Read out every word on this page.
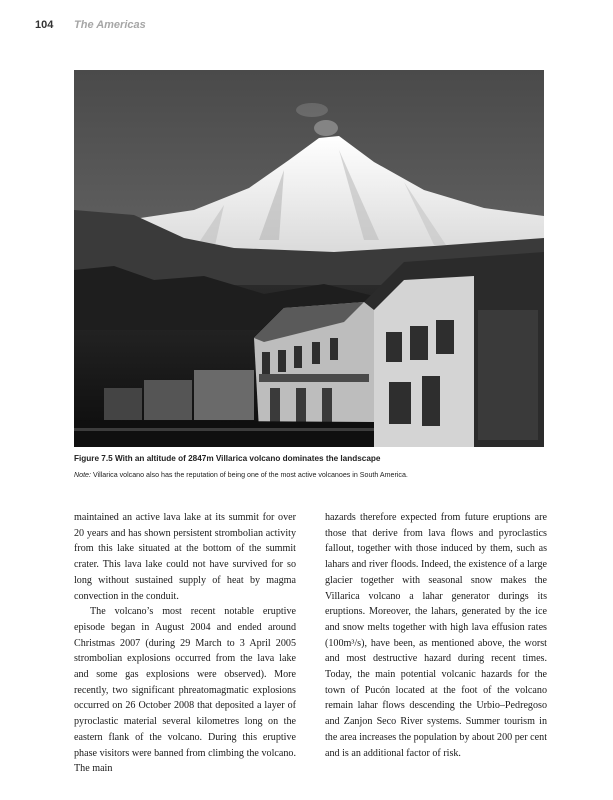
104 The Americas
Figure 7.5 With an altitude of 2847m Villarica volcano dominates the landscape
Note: Villarica volcano also has the reputation of being one of the most active volcanoes in South America.

maintained an active lava lake at its summit for over 20 years and has shown persistent strombolian activity from this lake situated at the bottom of the summit crater. This lava lake could not have survived for so long without sustained supply of heat by magma convection in the conduit.

The volcano’s most recent notable eruptive episode began in August 2004 and ended around Christmas 2007 (during 29 March to 3 April 2005 strombolian explosions occurred from the lava lake and some gas explosions were observed). More recently, two significant phreatomagmatic explosions occurred on 26 October 2008 that deposited a layer of pyroclastic material several kilometres long on the eastern flank of the volcano. During this eruptive phase visitors were banned from climbing the volcano. The main

hazards therefore expected from future eruptions are those that derive from lava flows and pyroclastics fallout, together with those induced by them, such as lahars and river floods. Indeed, the existence of a large glacier together with seasonal snow makes the Villarica volcano a lahar generator durings its eruptions. Moreover, the lahars, generated by the ice and snow melts together with high lava effusion rates (100m³/s), have been, as mentioned above, the worst and most destructive hazard during recent times. Today, the main potential volcanic hazards for the town of Pucón located at the foot of the volcano remain lahar flows descending the Urbio–Pedregoso and Zanjon Seco River systems. Summer tourism in the area increases the population by about 200 per cent and is an additional factor of risk.
